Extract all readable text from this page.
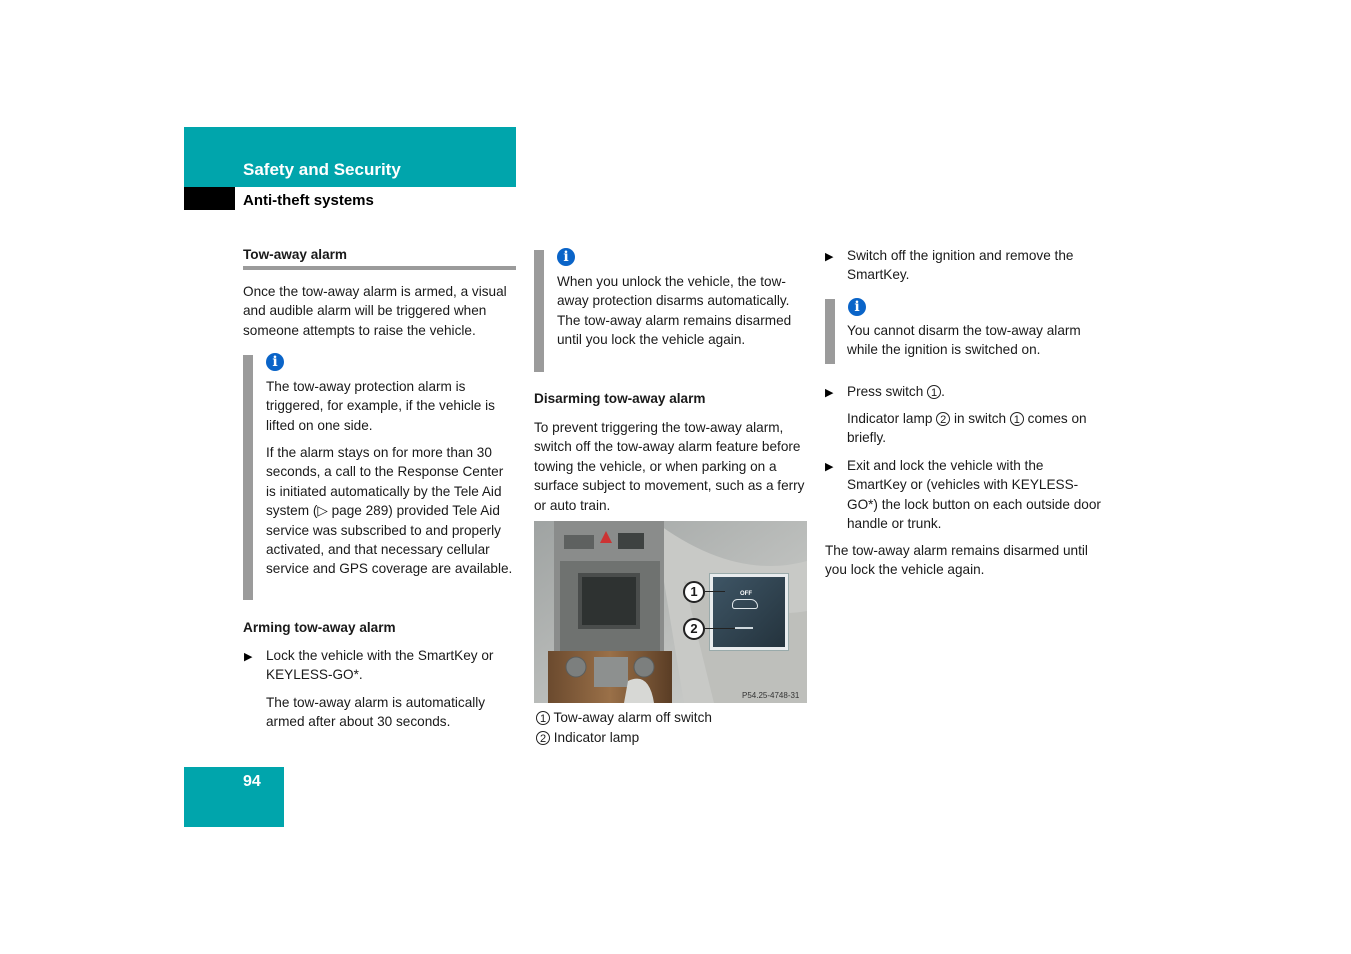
Safety and Security
Anti-theft systems
Tow-away alarm

Once the tow-away alarm is armed, a visual and audible alarm will be triggered when someone attempts to raise the vehicle.

i

The tow-away protection alarm is triggered, for example, if the vehicle is lifted on one side.

If the alarm stays on for more than 30 seconds, a call to the Response Center is initiated automatically by the Tele Aid system (▷ page 289) provided Tele Aid service was subscribed to and properly activated, and that necessary cellular service and GPS coverage are available.

Arming tow-away alarm
▶ Lock the vehicle with the SmartKey or KEYLESS-GO*.

The tow-away alarm is automatically armed after about 30 seconds.

94
i

When you unlock the vehicle, the tow-away protection disarms automatically. The tow-away alarm remains disarmed until you lock the vehicle again.

Disarming tow-away alarm

To prevent triggering the tow-away alarm, switch off the tow-away alarm feature before towing the vehicle, or when parking on a surface subject to movement, such as a ferry or auto train.

OFF
1
2
P54.25-4748-31
1 Tow-away alarm off switch
2 Indicator lamp
▶ Switch off the ignition and remove the SmartKey.

i

You cannot disarm the tow-away alarm while the ignition is switched on.

▶ Press switch 1 .
Indicator lamp 2 in switch 1 comes on briefly.
▶ Exit and lock the vehicle with the SmartKey or (vehicles with KEYLESS-GO*) the lock button on each outside door handle or trunk.

The tow-away alarm remains disarmed until you lock the vehicle again.
